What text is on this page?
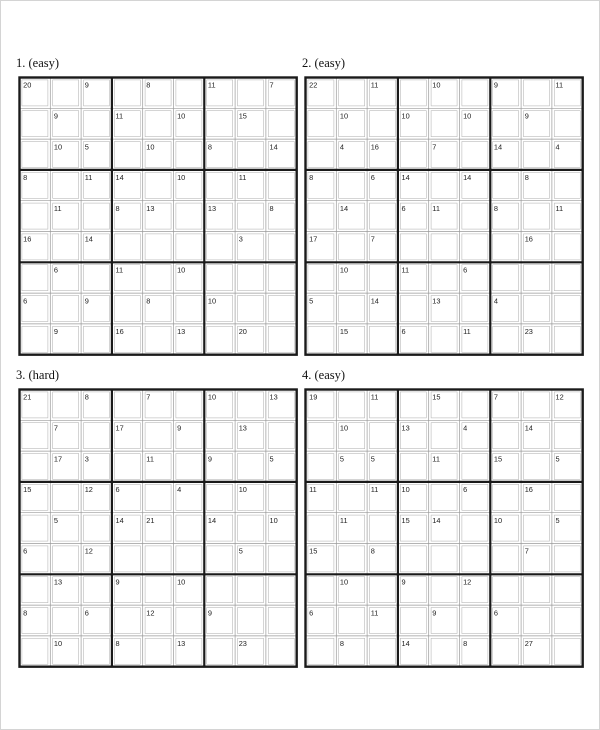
1. (easy)
20	9	8	11	7
9	11	10	15
10	5	10	8	14
8	11	14	10	11
11	8	13	13	8
16	14	3
6	11	10
6	9	8	10
9	16	13	20
2. (easy)
22	11	10	9	11
10	10	10	9
4	16	7	14	4
8	6	14	14	8
14	6	11	8	11
17	7	16
10	11	6
5	14	13	4
15	6	11	23
3. (hard)
21	8	7	10	13
7	17	9	13
17	3	11	9	5
15	12	6	4	10
5	14	21	14	10
6	12	5
13	9	10
8	6	12	9
10	8	13	23
4. (easy)
19	11	15	7	12
10	13	4	14
5	5	11	15	5
11	11	10	6	16
11	15	14	10	5
15	8	7
10	9	12
6	11	9	6
8	14	8	27
